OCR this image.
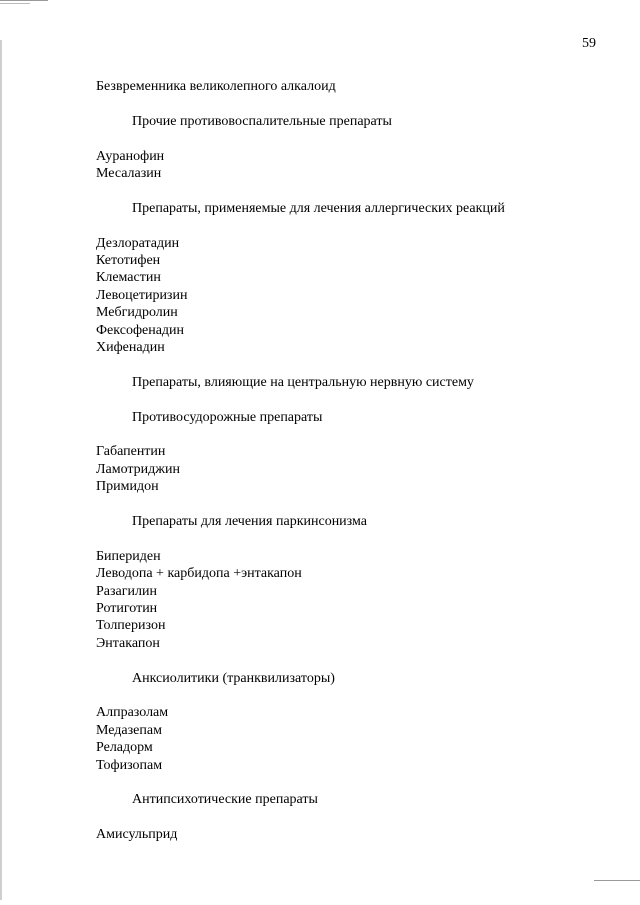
59
Безвременника великолепного алкалоид
Прочие противовоспалительные препараты
Ауранофин
Месалазин
Препараты, применяемые для лечения аллергических реакций
Дезлоратадин
Кетотифен
Клемастин
Левоцетиризин
Мебгидролин
Фексофенадин
Хифенадин
Препараты, влияющие на центральную нервную систему
Противосудорожные препараты
Габапентин
Ламотриджин
Примидон
Препараты для лечения паркинсонизма
Бипериден
Леводопа + карбидопа +энтакапон
Разагилин
Ротиготин
Толперизон
Энтакапон
Анксиолитики (транквилизаторы)
Алпразолам
Медазепам
Реладорм
Тофизопам
Антипсихотические препараты
Амисульприд
